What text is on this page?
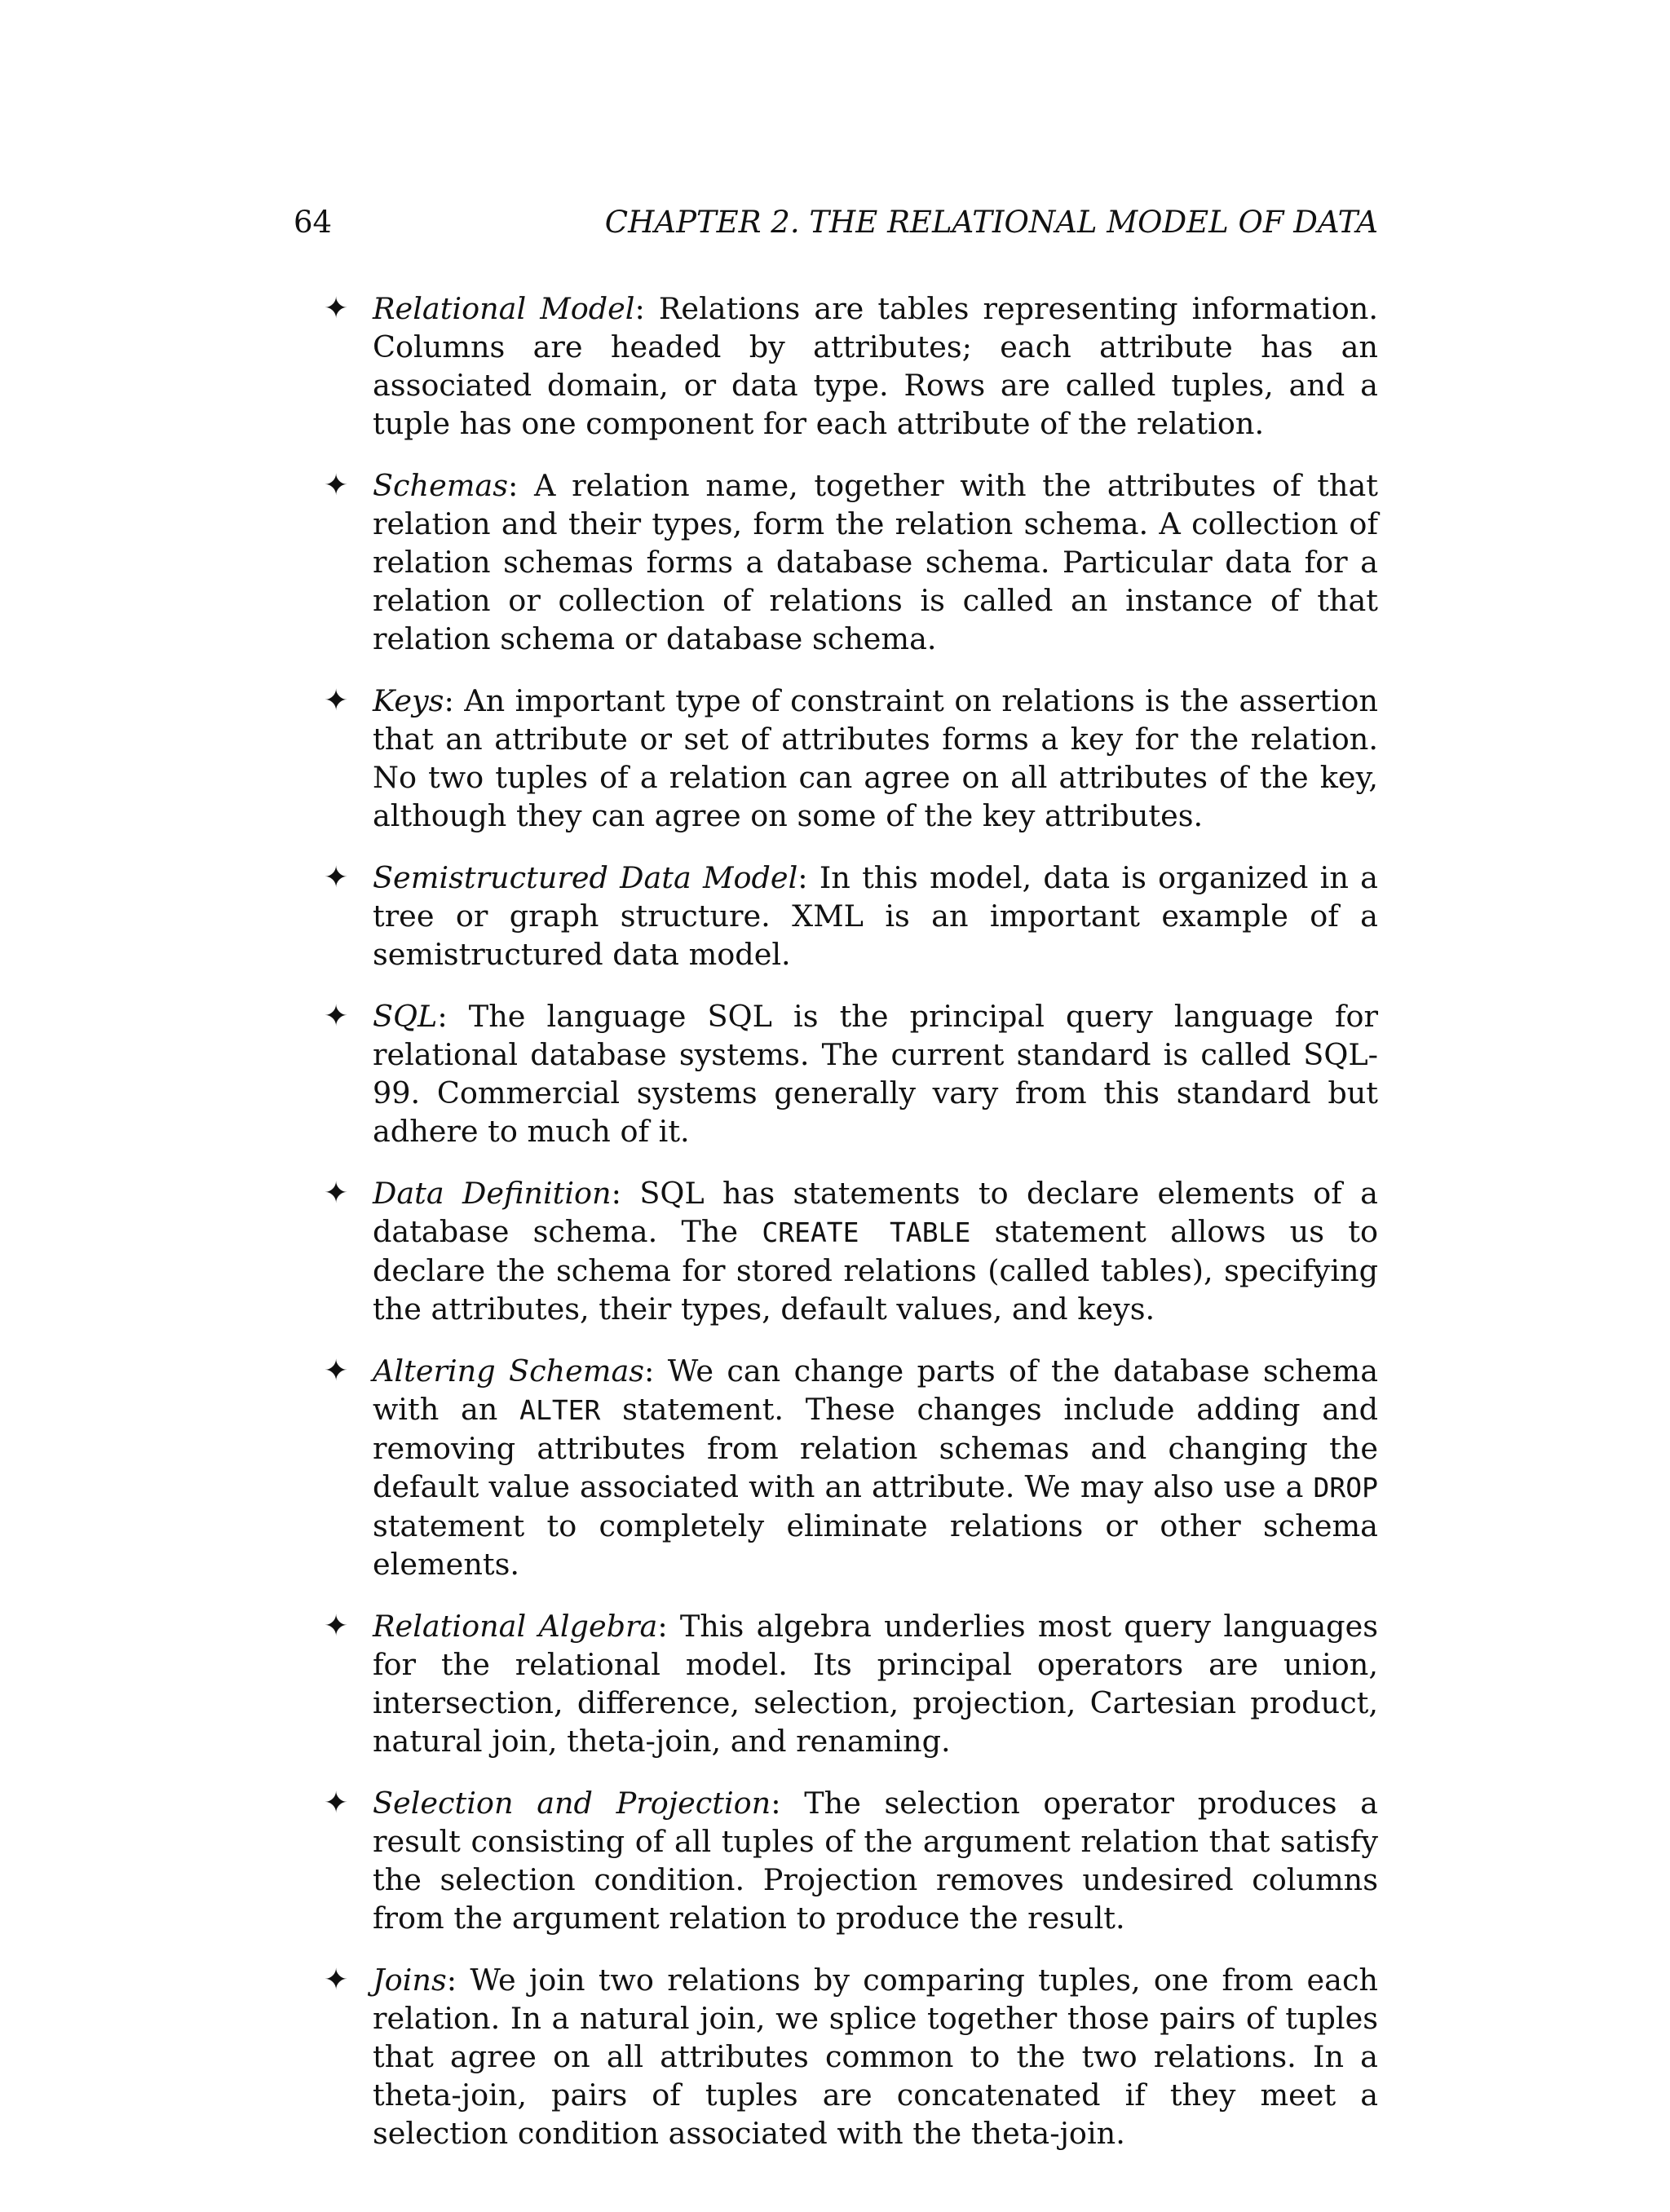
64	CHAPTER 2. THE RELATIONAL MODEL OF DATA
✦ Relational Model: Relations are tables representing information. Columns are headed by attributes; each attribute has an associated domain, or data type. Rows are called tuples, and a tuple has one component for each attribute of the relation.

✦ Schemas: A relation name, together with the attributes of that relation and their types, form the relation schema. A collection of relation schemas forms a database schema. Particular data for a relation or collection of relations is called an instance of that relation schema or database schema.

✦ Keys: An important type of constraint on relations is the assertion that an attribute or set of attributes forms a key for the relation. No two tuples of a relation can agree on all attributes of the key, although they can agree on some of the key attributes.

✦ Semistructured Data Model: In this model, data is organized in a tree or graph structure. XML is an important example of a semistructured data model.

✦ SQL: The language SQL is the principal query language for relational database systems. The current standard is called SQL-99. Commercial systems generally vary from this standard but adhere to much of it.

✦ Data Definition: SQL has statements to declare elements of a database schema. The CREATE TABLE statement allows us to declare the schema for stored relations (called tables), specifying the attributes, their types, default values, and keys.

✦ Altering Schemas: We can change parts of the database schema with an ALTER statement. These changes include adding and removing attributes from relation schemas and changing the default value associated with an attribute. We may also use a DROP statement to completely eliminate relations or other schema elements.

✦ Relational Algebra: This algebra underlies most query languages for the relational model. Its principal operators are union, intersection, difference, selection, projection, Cartesian product, natural join, theta-join, and renaming.

✦ Selection and Projection: The selection operator produces a result consisting of all tuples of the argument relation that satisfy the selection condition. Projection removes undesired columns from the argument relation to produce the result.

✦ Joins: We join two relations by comparing tuples, one from each relation. In a natural join, we splice together those pairs of tuples that agree on all attributes common to the two relations. In a theta-join, pairs of tuples are concatenated if they meet a selection condition associated with the theta-join.
